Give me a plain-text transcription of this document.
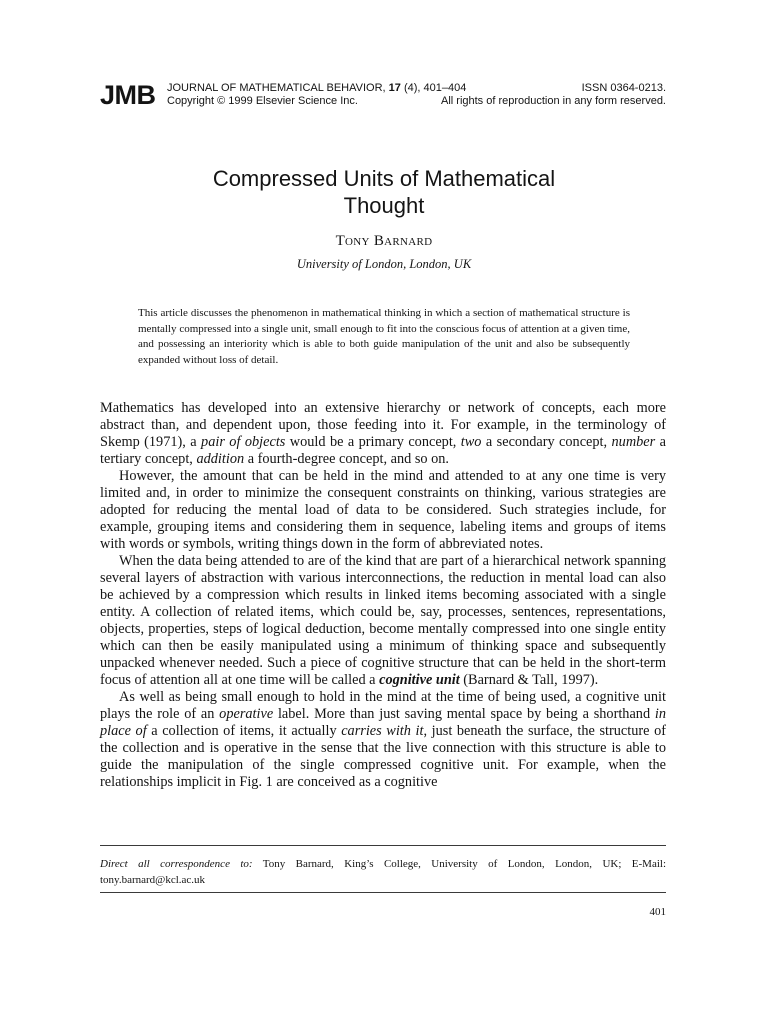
JMB JOURNAL OF MATHEMATICAL BEHAVIOR, 17 (4), 401–404	ISSN 0364-0213.
Copyright © 1999 Elsevier Science Inc.	All rights of reproduction in any form reserved.
Compressed Units of Mathematical
Thought
Tony Barnard
University of London, London, UK

This article discusses the phenomenon in mathematical thinking in which a section of mathematical structure is mentally compressed into a single unit, small enough to fit into the conscious focus of attention at a given time, and possessing an interiority which is able to both guide manipulation of the unit and also be subsequently expanded without loss of detail.

Mathematics has developed into an extensive hierarchy or network of concepts, each more abstract than, and dependent upon, those feeding into it. For example, in the terminology of Skemp (1971), a pair of objects would be a primary concept, two a secondary concept, number a tertiary concept, addition a fourth-degree concept, and so on.

However, the amount that can be held in the mind and attended to at any one time is very limited and, in order to minimize the consequent constraints on thinking, various strategies are adopted for reducing the mental load of data to be considered. Such strategies include, for example, grouping items and considering them in sequence, labeling items and groups of items with words or symbols, writing things down in the form of abbreviated notes.

When the data being attended to are of the kind that are part of a hierarchical network spanning several layers of abstraction with various interconnections, the reduction in mental load can also be achieved by a compression which results in linked items becoming associated with a single entity. A collection of related items, which could be, say, processes, sentences, representations, objects, properties, steps of logical deduction, become mentally compressed into one single entity which can then be easily manipulated using a minimum of thinking space and subsequently unpacked whenever needed. Such a piece of cognitive structure that can be held in the short-term focus of attention all at one time will be called a cognitive unit (Barnard & Tall, 1997).

As well as being small enough to hold in the mind at the time of being used, a cognitive unit plays the role of an operative label. More than just saving mental space by being a shorthand in place of a collection of items, it actually carries with it, just beneath the surface, the structure of the collection and is operative in the sense that the live connection with this structure is able to guide the manipulation of the single compressed cognitive unit. For example, when the relationships implicit in Fig. 1 are conceived as a cognitive

Direct all correspondence to: Tony Barnard, King’s College, University of London, London, UK; E-Mail: tony.barnard@kcl.ac.uk

401
